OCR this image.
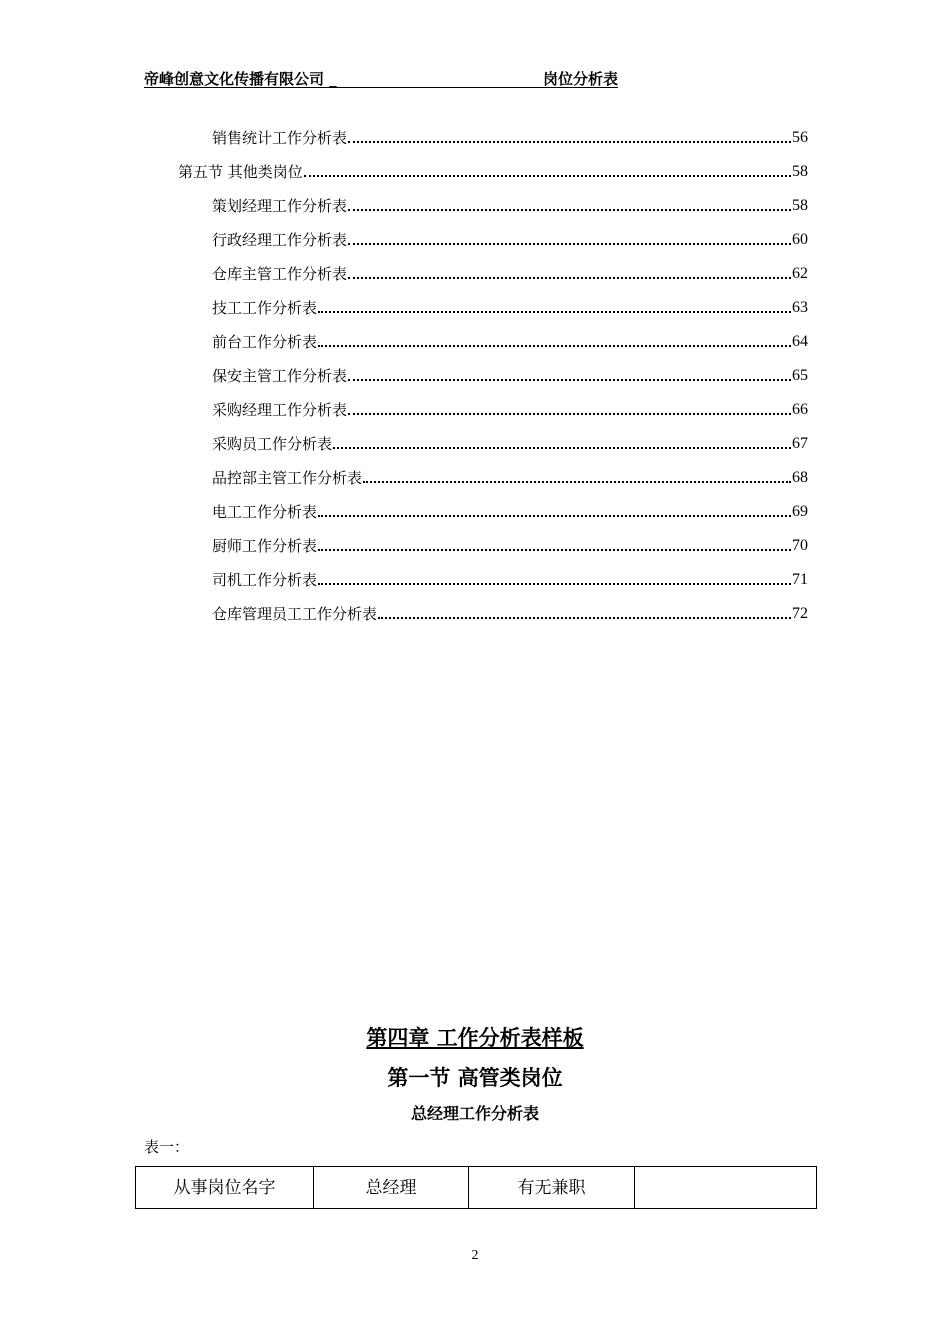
帝峰创意文化传播有限公司 _	岗位分析表
销售统计工作分析表	56
第五节 其他类岗位	58
策划经理工作分析表	58
行政经理工作分析表	60
仓库主管工作分析表	62
技工工作分析表	63
前台工作分析表	64
保安主管工作分析表	65
采购经理工作分析表	66
采购员工作分析表	67
品控部主管工作分析表	68
电工工作分析表	69
厨师工作分析表	70
司机工作分析表	71
仓库管理员工工作分析表	72
第四章 工作分析表样板
第一节 高管类岗位
总经理工作分析表
表一：
从事岗位名字	总经理	有无兼职	
2
